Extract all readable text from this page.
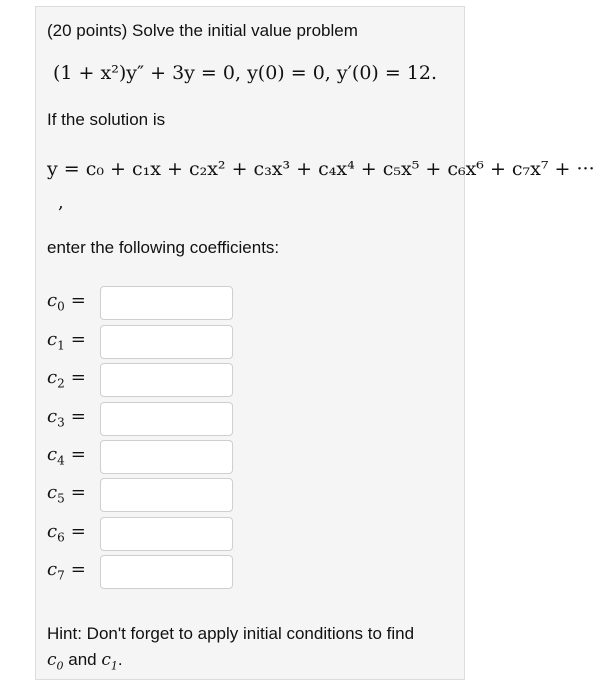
(20 points) Solve the initial value problem
(1 + x²)y″ + 3y = 0, y(0) = 0, y′(0) = 12.
If the solution is
y = c₀ + c₁x + c₂x² + c₃x³ + c₄x⁴ + c₅x⁵ + c₆x⁶ + c₇x⁷ + ···
,
enter the following coefficients:
$c_0$ =
$c_1$ =
$c_2$ =
$c_3$ =
$c_4$ =
$c_5$ =
$c_6$ =
$c_7$ =
Hint: Don't forget to apply initial conditions to find
$c_0$ and $c_1$.
